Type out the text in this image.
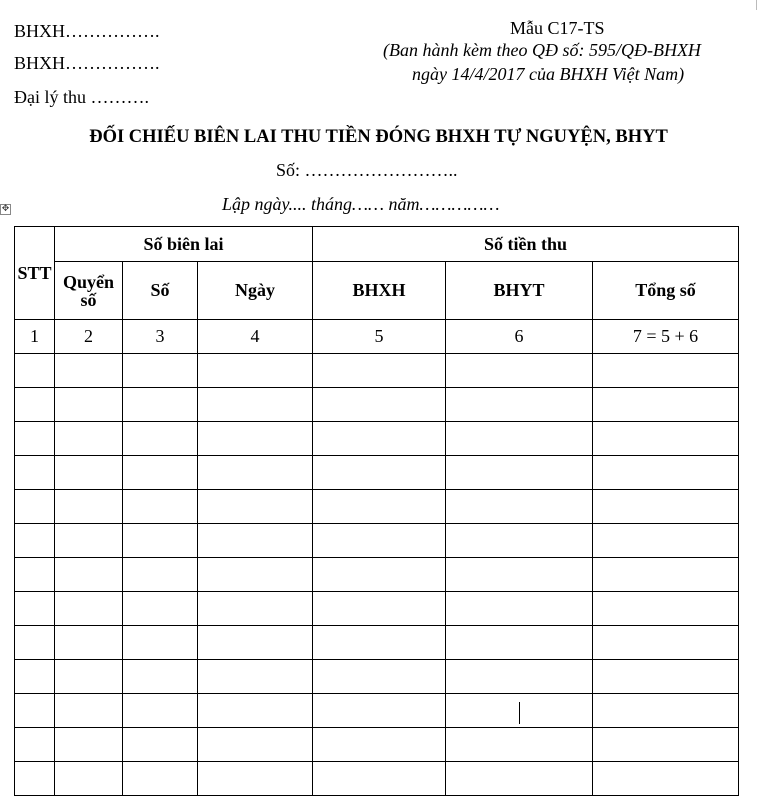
BHXH…………….
BHXH…………….
Đại lý thu ……….
Mẫu C17-TS
(Ban hành kèm theo QĐ số: 595/QĐ-BHXH
ngày 14/4/2017 của BHXH Việt Nam)
ĐỐI CHIẾU BIÊN LAI THU TIỀN ĐÓNG BHXH TỰ NGUYỆN, BHYT
Số: ……………………..
Lập ngày.... tháng…… năm……………
✥
STT	Số biên lai			Số tiền thu		
	Quyển số	Số	Ngày	BHXH	BHYT	Tổng số
1	2	3	4	5	6	7 = 5 + 6
